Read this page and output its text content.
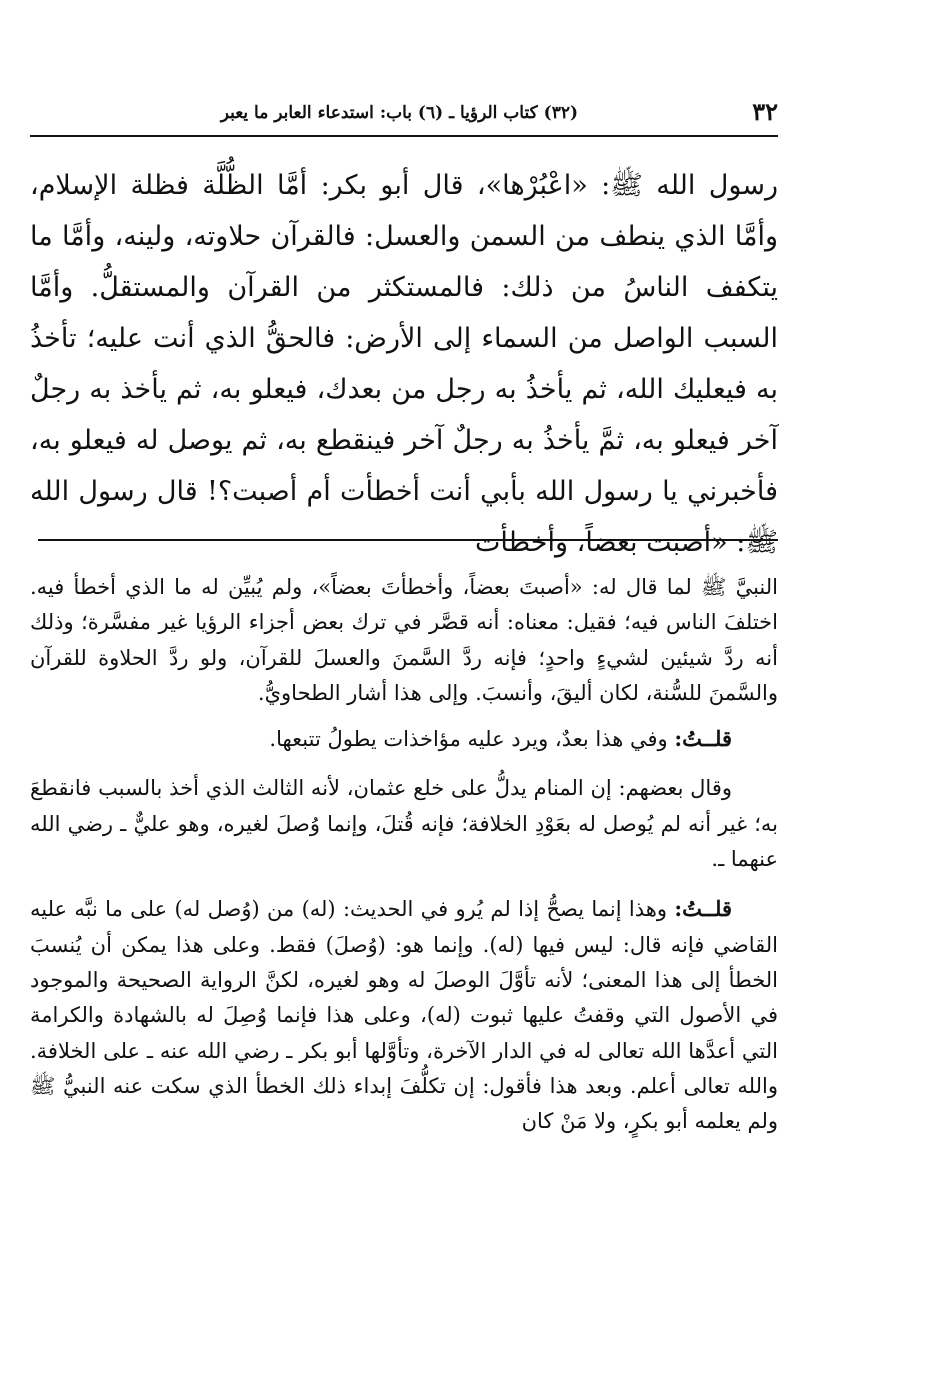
٣٢
(٣٢) كتاب الرؤيا ـ (٦) باب: استدعاء العابر ما يعبر

رسول الله ﷺ: «اعْبُرْها»، قال أبو بكر: أمَّا الظُّلَّة فظلة الإسلام، وأمَّا الذي ينطف من السمن والعسل: فالقرآن حلاوته، ولينه، وأمَّا ما يتكفف الناسُ من ذلك: فالمستكثر من القرآن والمستقلُّ. وأمَّا السبب الواصل من السماء إلى الأرض: فالحقُّ الذي أنت عليه؛ تأخذُ به فيعليك الله، ثم يأخذُ به رجل من بعدك، فيعلو به، ثم يأخذ به رجلٌ آخر فيعلو به، ثمَّ يأخذُ به رجلٌ آخر فينقطع به، ثم يوصل له فيعلو به، فأخبرني يا رسول الله بأبي أنت أخطأت أم أصبت؟! قال رسول الله ﷺ: «أصبت بعضاً، وأخطأت

النبيَّ ﷺ لما قال له: «أصبتَ بعضاً، وأخطأتَ بعضاً»، ولم يُبيِّن له ما الذي أخطأ فيه. اختلفَ الناس فيه؛ فقيل: معناه: أنه قصَّر في ترك بعض أجزاء الرؤيا غير مفسَّرة؛ وذلك أنه ردَّ شيئين لشيءٍ واحدٍ؛ فإنه ردَّ السَّمنَ والعسلَ للقرآن، ولو ردَّ الحلاوة للقرآن والسَّمنَ للسُّنة، لكان أليقَ، وأنسبَ. وإلى هذا أشار الطحاويُّ.

قلــتُ: وفي هذا بعدٌ، ويرد عليه مؤاخذات يطولُ تتبعها.

وقال بعضهم: إن المنام يدلُّ على خلع عثمان، لأنه الثالث الذي أخذ بالسبب فانقطعَ به؛ غير أنه لم يُوصل له بعَوْدِ الخلافة؛ فإنه قُتلَ، وإنما وُصلَ لغيره، وهو عليٌّ ـ رضي الله عنهما ـ.

قلــتُ: وهذا إنما يصحُّ إذا لم يُرو في الحديث: (له) من (وُصل له) على ما نبَّه عليه القاضي فإنه قال: ليس فيها (له). وإنما هو: (وُصلَ) فقط. وعلى هذا يمكن أن يُنسبَ الخطأ إلى هذا المعنى؛ لأنه تأوَّلَ الوصلَ له وهو لغيره، لكنَّ الرواية الصحيحة والموجود في الأصول التي وقفتُ عليها ثبوت (له)، وعلى هذا فإنما وُصِلَ له بالشهادة والكرامة التي أعدَّها الله تعالى له في الدار الآخرة، وتأوَّلها أبو بكر ـ رضي الله عنه ـ على الخلافة. والله تعالى أعلم. وبعد هذا فأقول: إن تكلُّفَ إبداء ذلك الخطأ الذي سكت عنه النبيُّ ﷺ ولم يعلمه أبو بكرٍ، ولا مَنْ كان
